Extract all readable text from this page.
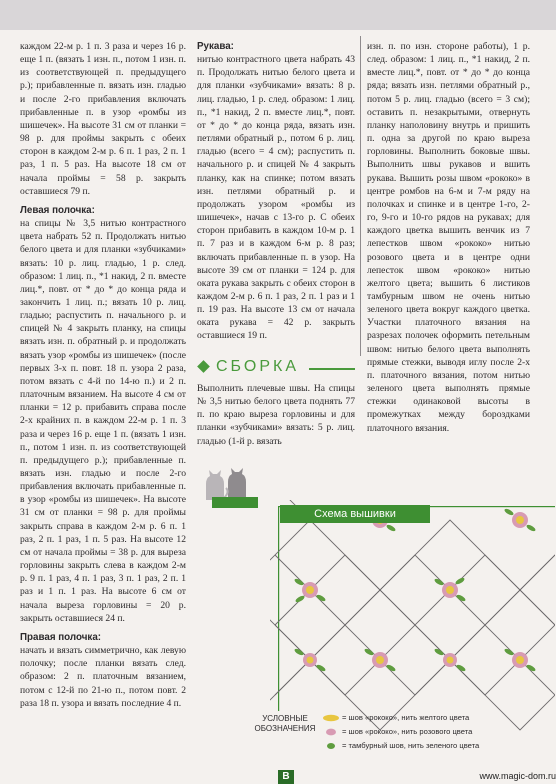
каждом 22-м р. 1 п. 3 раза и через 16 р. еще 1 п. (вязать 1 изн. п., потом 1 изн. п. из соответствующей п. предыдущего р.); прибавленные п. вязать изн. гладью и после 2-го прибавления включать прибавленные п. в узор «ромбы из шишечек». На высоте 31 см от планки = 98 р. для проймы закрыть с обеих сторон в каждом 2-м р. 6 п. 1 раз, 2 п. 1 раз, 1 п. 5 раз. На высоте 18 см от начала проймы = 58 р. закрыть оставшиеся 79 п.

Левая полочка:

на спицы № 3,5 нитью контрастного цвета набрать 52 п. Продолжать нитью белого цвета и для планки «зубчиками» вязать: 10 р. лиц. гладью, 1 р. след. образом: 1 лиц. п., *1 накид, 2 п. вместе лиц.*, повт. от * до * до конца ряда и закончить 1 лиц. п.; вязать 10 р. лиц. гладью; распустить п. начального р. и спицей № 4 закрыть планку, на спицы вязать изн. п. обратный р. и продолжать вязать узор «ромбы из шишечек» (после первых 3-х п. повт. 18 п. узора 2 раза, потом вязать с 4-й по 14-ю п.) и 2 п. платочным вязанием. На высоте 4 см от планки = 12 р. прибавить справа после 2-х крайних п. в каждом 22-м р. 1 п. 3 раза и через 16 р. еще 1 п. (вязать 1 изн. п., потом 1 изн. п. из соответствующей п. предыдущего р.); прибавленные п. вязать изн. гладью и после 2-го прибавления включать прибавленные п. в узор «ромбы из шишечек». На высоте 31 см от планки = 98 р. для проймы закрыть справа в каждом 2-м р. 6 п. 1 раз, 2 п. 1 раз, 1 п. 5 раз. На высоте 12 см от начала проймы = 38 р. для выреза горловины закрыть слева в каждом 2-м р. 9 п. 1 раз, 4 п. 1 раз, 3 п. 1 раз, 2 п. 1 раз и 1 п. 1 раз. На высоте 6 см от начала выреза горловины = 20 р. закрыть оставшиеся 24 п.

Правая полочка:

начать и вязать симметрично, как левую полочку; после планки вязать след. образом: 2 п. платочным вязанием, потом с 12-й по 21-ю п., потом повт. 2 раза 18 п. узора и вязать последние 4 п.

Рукава:

нитью контрастного цвета набрать 43 п. Продолжать нитью белого цвета и для планки «зубчиками» вязать: 8 р. лиц. гладью, 1 р. след. образом: 1 лиц. п., *1 накид, 2 п. вместе лиц.*, повт. от * до * до конца ряда, вязать изн. петлями обратный р., потом 6 р. лиц. гладью (всего = 4 см); распустить п. начального р. и спицей № 4 закрыть планку, как на спинке; потом вязать изн. петлями обратный р. и продолжать узором «ромбы из шишечек», начав с 13-го р. С обеих сторон прибавить в каждом 10-м р. 1 п. 7 раз и в каждом 6-м р. 8 раз; включать прибавленные п. в узор. На высоте 39 см от планки = 124 р. для оката рукава закрыть с обеих сторон в каждом 2-м р. 6 п. 1 раз, 2 п. 1 раз и 1 п. 19 раз. На высоте 13 см от начала оката рукава = 42 р. закрыть оставшиеся 19 п.

СБОРКА

Выполнить плечевые швы. На спицы № 3,5 нитью белого цвета поднять 77 п. по краю выреза горловины и для планки «зубчиками» вязать: 5 р. лиц. гладью (1-й р. вязать

изн. п. по изн. стороне работы), 1 р. след. образом: 1 лиц. п., *1 накид, 2 п. вместе лиц.*, повт. от * до * до конца ряда; вязать изн. петлями обратный р., потом 5 р. лиц. гладью (всего = 3 см); оставить п. незакрытыми, отвернуть планку наполовину внутрь и пришить п. одна за другой по краю выреза горловины. Выполнить боковые швы. Выполнить швы рукавов и вшить рукава. Вышить розы швом «рококо» в центре ромбов на 6-м и 7-м ряду на полочках и спинке и в центре 1-го, 2-го, 9-го и 10-го рядов на рукавах; для каждого цветка вышить венчик из 7 лепестков швом «рококо» нитью розового цвета и в центре одни лепесток швом «рококо» нитью желтого цвета; вышить 6 листиков тамбурным швом не очень нитью зеленого цвета вокруг каждого цветка. Участки платочного вязания на разрезах полочек оформить петельным швом: нитью белого цвета выполнять прямые стежки, выводя иглу после 2-х п. платочного вязания, потом нитью зеленого цвета выполнять прямые стежки одинаковой высоты в промежутках между бороздками платочного вязания.

Схема вышивки
УСЛОВНЫЕ ОБОЗНАЧЕНИЯ
= шов «рококо», нить желтого цвета
= шов «рококо», нить розового цвета
= тамбурный шов, нить зеленого цвета
В	www.magic-dom.ru
